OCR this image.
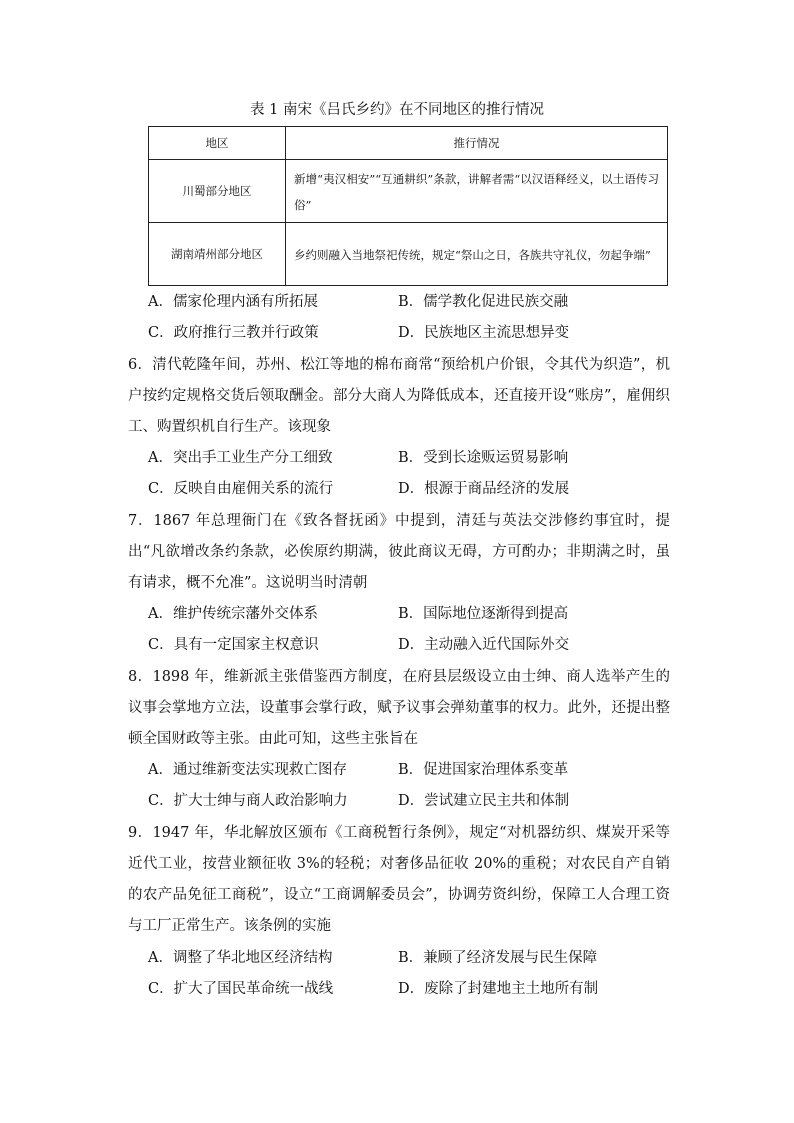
表 1 南宋《吕氏乡约》在不同地区的推行情况
地区	推行情况
川蜀部分地区	新增“夷汉相安”“互通耕织”条款，讲解者需“以汉语释经义，以土语传习俗”
湖南靖州部分地区	乡约则融入当地祭祀传统，规定“祭山之日，各族共守礼仪，勿起争端”
A．儒家伦理内涵有所拓展	B．儒学教化促进民族交融
C．政府推行三教并行政策	D．民族地区主流思想异变
6．清代乾隆年间，苏州、松江等地的棉布商常“预给机户价银，令其代为织造”，机户按约定规格交货后领取酬金。部分大商人为降低成本，还直接开设“账房”，雇佣织工、购置织机自行生产。该现象
A．突出手工业生产分工细致	B．受到长途贩运贸易影响
C．反映自由雇佣关系的流行	D．根源于商品经济的发展
7．1867 年总理衙门在《致各督抚函》中提到，清廷与英法交涉修约事宜时，提出“凡欲增改条约条款，必俟原约期满，彼此商议无碍，方可酌办；非期满之时，虽有请求，概不允准”。这说明当时清朝
A．维护传统宗藩外交体系	B．国际地位逐渐得到提高
C．具有一定国家主权意识	D．主动融入近代国际外交
8．1898 年，维新派主张借鉴西方制度，在府县层级设立由士绅、商人选举产生的议事会掌地方立法，设董事会掌行政，赋予议事会弹劾董事的权力。此外，还提出整顿全国财政等主张。由此可知，这些主张旨在
A．通过维新变法实现救亡图存	B．促进国家治理体系变革
C．扩大士绅与商人政治影响力	D．尝试建立民主共和体制
9．1947 年，华北解放区颁布《工商税暂行条例》，规定“对机器纺织、煤炭开采等近代工业，按营业额征收 3%的轻税；对奢侈品征收 20%的重税；对农民自产自销的农产品免征工商税”，设立“工商调解委员会”，协调劳资纠纷，保障工人合理工资与工厂正常生产。该条例的实施
A．调整了华北地区经济结构	B．兼顾了经济发展与民生保障
C．扩大了国民革命统一战线	D．废除了封建地主土地所有制
